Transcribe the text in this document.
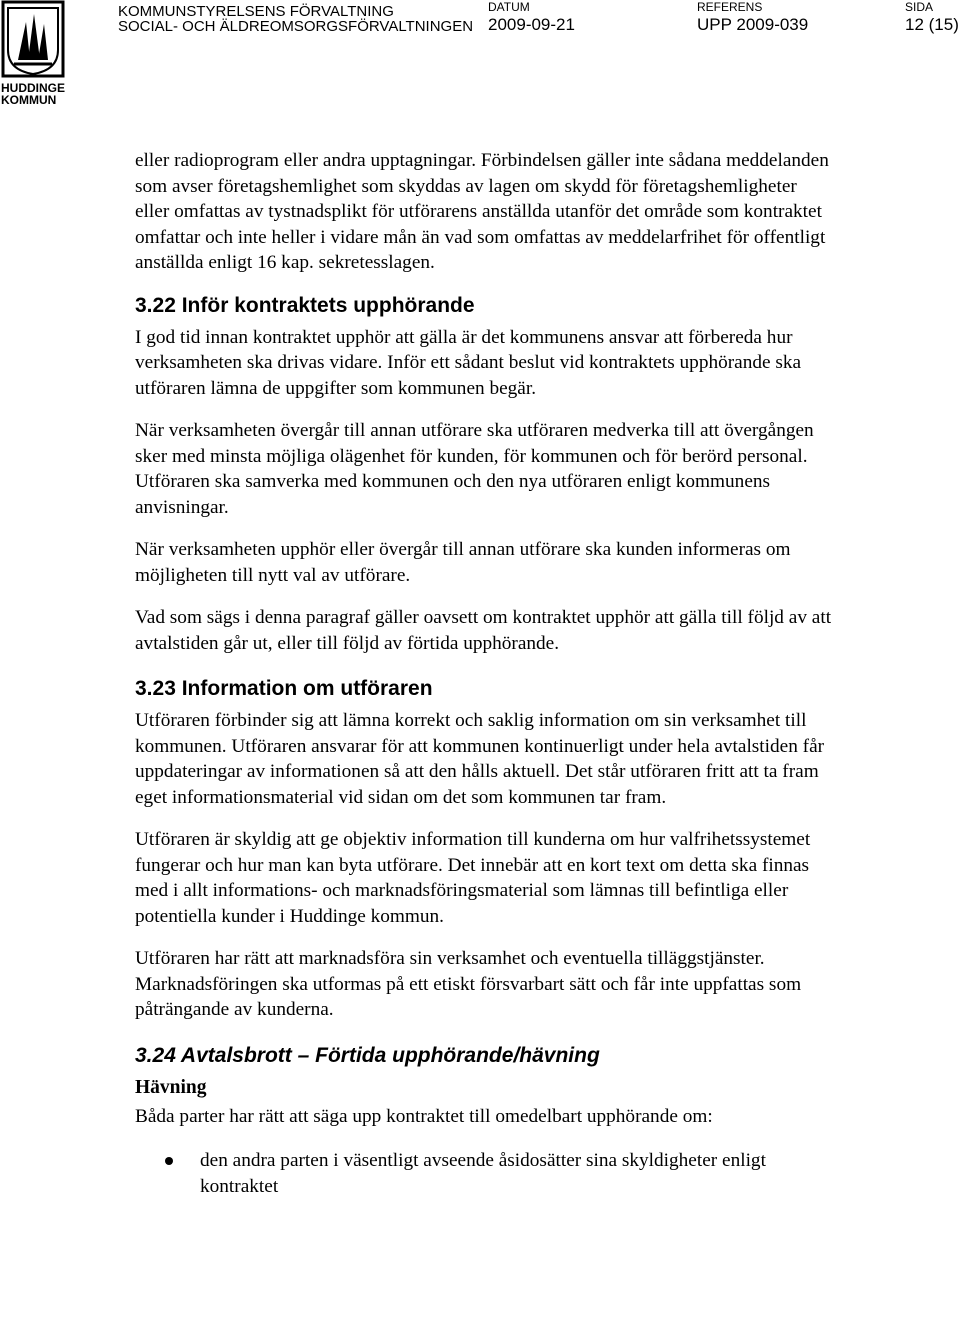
HUDDINGE
KOMMUN
KOMMUNSTYRELSENS FÖRVALTNING
SOCIAL- OCH ÄLDREOMSORGSFÖRVALTNINGEN
DATUM
2009-09-21
REFERENS
UPP 2009-039
SIDA
12 (15)

eller radioprogram eller andra upptagningar. Förbindelsen gäller inte sådana meddelanden som avser företagshemlighet som skyddas av lagen om skydd för företagshemligheter eller omfattas av tystnadsplikt för utförarens anställda utanför det område som kontraktet omfattar och inte heller i vidare mån än vad som omfattas av meddelarfrihet för offentligt anställda enligt 16 kap. sekretesslagen.

3.22 Inför kontraktets upphörande

I god tid innan kontraktet upphör att gälla är det kommunens ansvar att förbereda hur verksamheten ska drivas vidare. Inför ett sådant beslut vid kontraktets upphörande ska utföraren lämna de uppgifter som kommunen begär.

När verksamheten övergår till annan utförare ska utföraren medverka till att övergången sker med minsta möjliga olägenhet för kunden, för kommunen och för berörd personal. Utföraren ska samverka med kommunen och den nya utföraren enligt kommunens anvisningar.

När verksamheten upphör eller övergår till annan utförare ska kunden informeras om möjligheten till nytt val av utförare.

Vad som sägs i denna paragraf gäller oavsett om kontraktet upphör att gälla till följd av att avtalstiden går ut, eller till följd av förtida upphörande.

3.23 Information om utföraren

Utföraren förbinder sig att lämna korrekt och saklig information om sin verksamhet till kommunen. Utföraren ansvarar för att kommunen kontinuerligt under hela avtalstiden får uppdateringar av informationen så att den hålls aktuell. Det står utföraren fritt att ta fram eget informationsmaterial vid sidan om det som kommunen tar fram.

Utföraren är skyldig att ge objektiv information till kunderna om hur valfrihetssystemet fungerar och hur man kan byta utförare. Det innebär att en kort text om detta ska finnas med i allt informations- och marknadsföringsmaterial som lämnas till befintliga eller potentiella kunder i Huddinge kommun.

Utföraren har rätt att marknadsföra sin verksamhet och eventuella tilläggstjänster. Marknadsföringen ska utformas på ett etiskt försvarbart sätt och får inte uppfattas som påträngande av kunderna.

3.24 Avtalsbrott – Förtida upphörande/hävning
Hävning

Båda parter har rätt att säga upp kontraktet till omedelbart upphörande om:

den andra parten i väsentligt avseende åsidosätter sina skyldigheter enligt kontraktet
